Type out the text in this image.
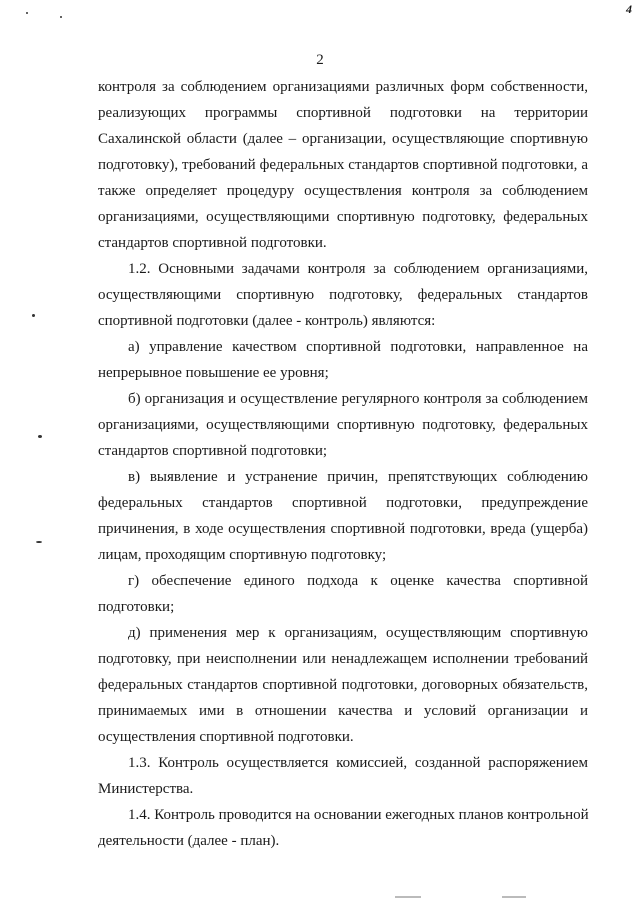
4
2
контроля за соблюдением организациями различных форм собственности,
реализующих программы спортивной подготовки на территории
Сахалинской области (далее – организации, осуществляющие спортивную
подготовку), требований федеральных стандартов спортивной подготовки, а
также определяет процедуру осуществления контроля за соблюдением
организациями, осуществляющими спортивную подготовку, федеральных
стандартов спортивной подготовки.
1.2. Основными задачами контроля за соблюдением организациями,
осуществляющими спортивную подготовку, федеральных стандартов
спортивной подготовки (далее - контроль) являются:
а) управление качеством спортивной подготовки, направленное на
непрерывное повышение ее уровня;
б) организация и осуществление регулярного контроля за соблюдением
организациями, осуществляющими спортивную подготовку, федеральных
стандартов спортивной подготовки;
в) выявление и устранение причин, препятствующих соблюдению
федеральных стандартов спортивной подготовки, предупреждение
причинения, в ходе осуществления спортивной подготовки, вреда (ущерба)
лицам, проходящим спортивную подготовку;
г) обеспечение единого подхода к оценке качества спортивной
подготовки;
д) применения мер к организациям, осуществляющим спортивную
подготовку, при неисполнении или ненадлежащем исполнении требований
федеральных стандартов спортивной подготовки, договорных обязательств,
принимаемых ими в отношении качества и условий организации и
осуществления спортивной подготовки.
1.3. Контроль осуществляется комиссией, созданной распоряжением
Министерства.
1.4. Контроль проводится на основании ежегодных планов контрольной
деятельности (далее - план).
